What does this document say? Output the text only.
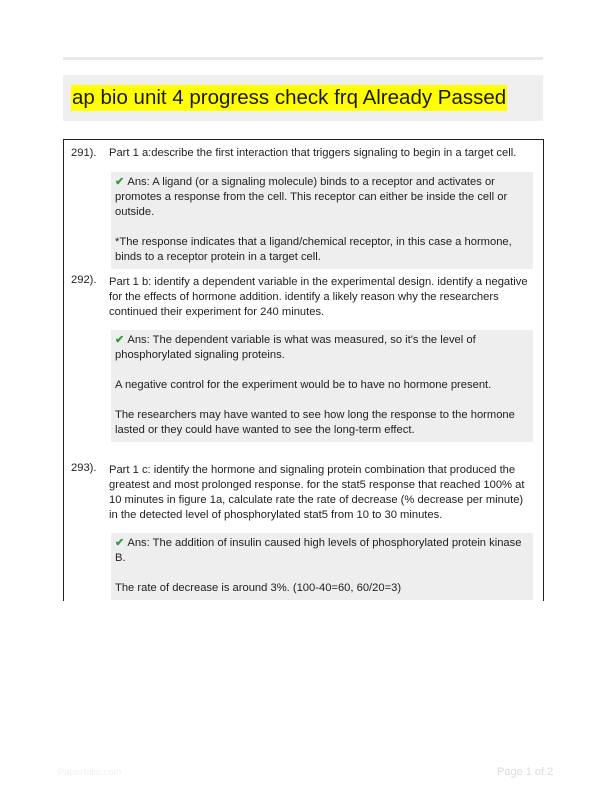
ap bio unit 4 progress check frq Already Passed
291). Part 1 a:describe the first interaction that triggers signaling to begin in a target cell.

✔ Ans: A ligand (or a signaling molecule) binds to a receptor and activates or promotes a response from the cell. This receptor can either be inside the cell or outside.

*The response indicates that a ligand/chemical receptor, in this case a hormone, binds to a receptor protein in a target cell.

292). Part 1 b: identify a dependent variable in the experimental design. identify a negative for the effects of hormone addition. identify a likely reason why the researchers continued their experiment for 240 minutes.

✔ Ans: The dependent variable is what was measured, so it's the level of phosphorylated signaling proteins.

A negative control for the experiment would be to have no hormone present.

The researchers may have wanted to see how long the response to the hormone lasted or they could have wanted to see the long-term effect.

293). Part 1 c: identify the hormone and signaling protein combination that produced the greatest and most prolonged response. for the stat5 response that reached 100% at 10 minutes in figure 1a, calculate rate the rate of decrease (% decrease per minute) in the detected level of phosphorylated stat5 from 10 to 30 minutes.

✔ Ans: The addition of insulin caused high levels of phosphorylated protein kinase B.

The rate of decrease is around 3%. (100-40=60, 60/20=3)

Paperfolio.com	Page 1 of 2
